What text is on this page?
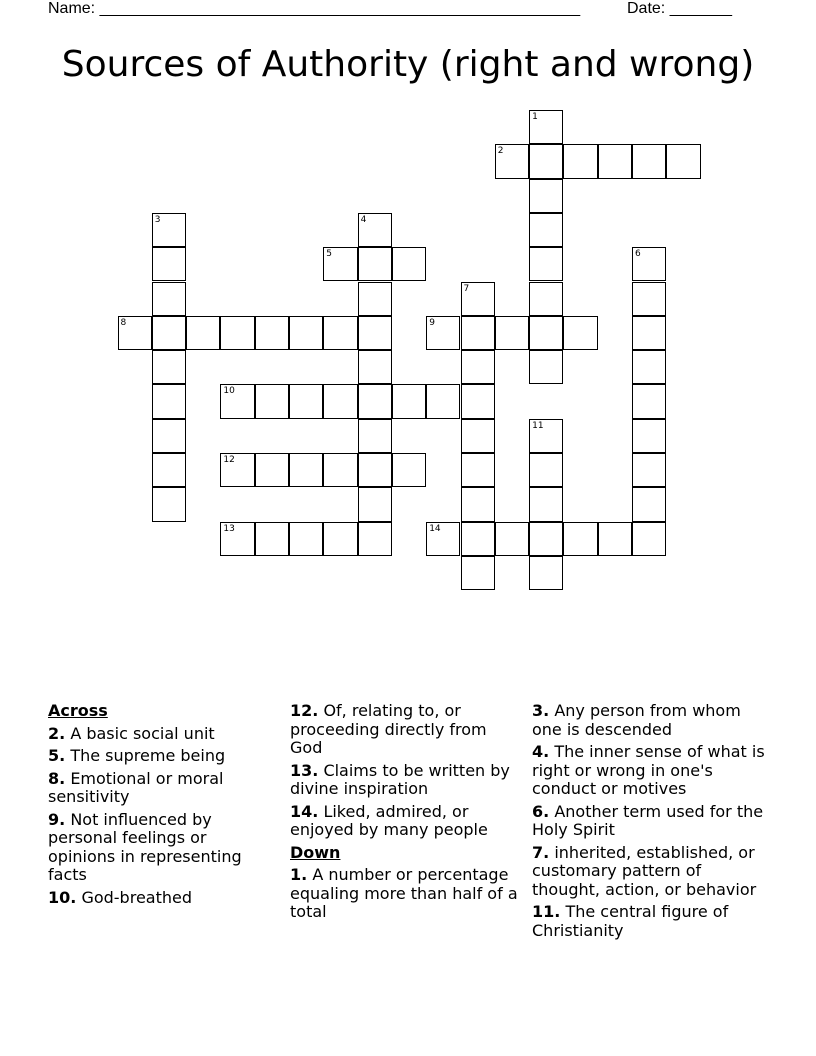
Name: ______________________________________________________	Date: _______
Sources of Authority (right and wrong)
1
2
3	4
5	6
7
8	9
10
11
12
13	14
Across
2. A basic social unit
5. The supreme being
8. Emotional or moral sensitivity
9. Not influenced by personal feelings or opinions in representing facts
10. God-breathed
12. Of, relating to, or proceeding directly from God
13. Claims to be written by divine inspiration
14. Liked, admired, or enjoyed by many people
Down
1. A number or percentage equaling more than half of a total
3. Any person from whom one is descended
4. The inner sense of what is right or wrong in one's conduct or motives
6. Another term used for the Holy Spirit
7. inherited, established, or customary pattern of thought, action, or behavior
11. The central figure of Christianity
